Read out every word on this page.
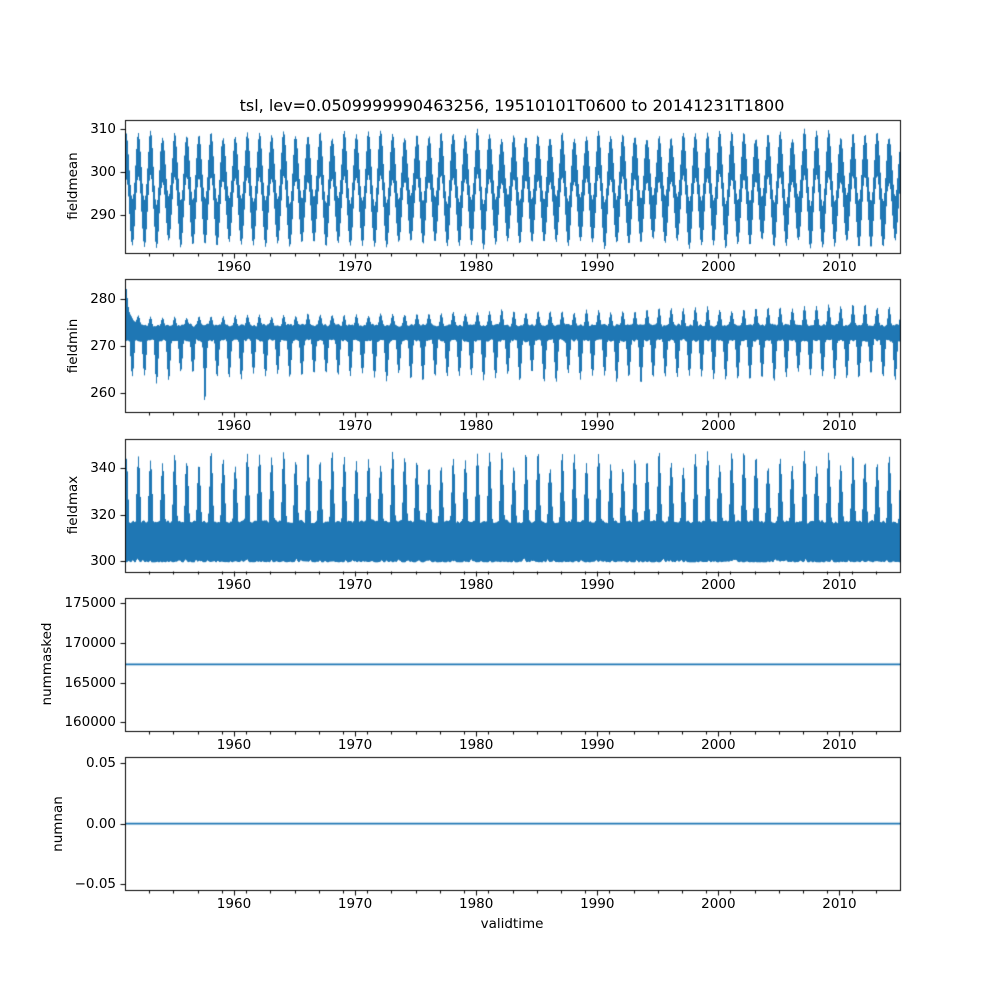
tsl, lev=0.0509999990463256, 19510101T0600 to 20141231T1800
fieldmean
fieldmin
fieldmax
nummasked
numnan
validtime
1960	1970	1980	1990	2000	2010
290
300
310
1960	1970	1980	1990	2000	2010
260
270
280
1960	1970	1980	1990	2000	2010
300
320
340
1960	1970	1980	1990	2000	2010
160000
165000
170000
175000
1960	1970	1980	1990	2000	2010
−0.05
0.00
0.05
